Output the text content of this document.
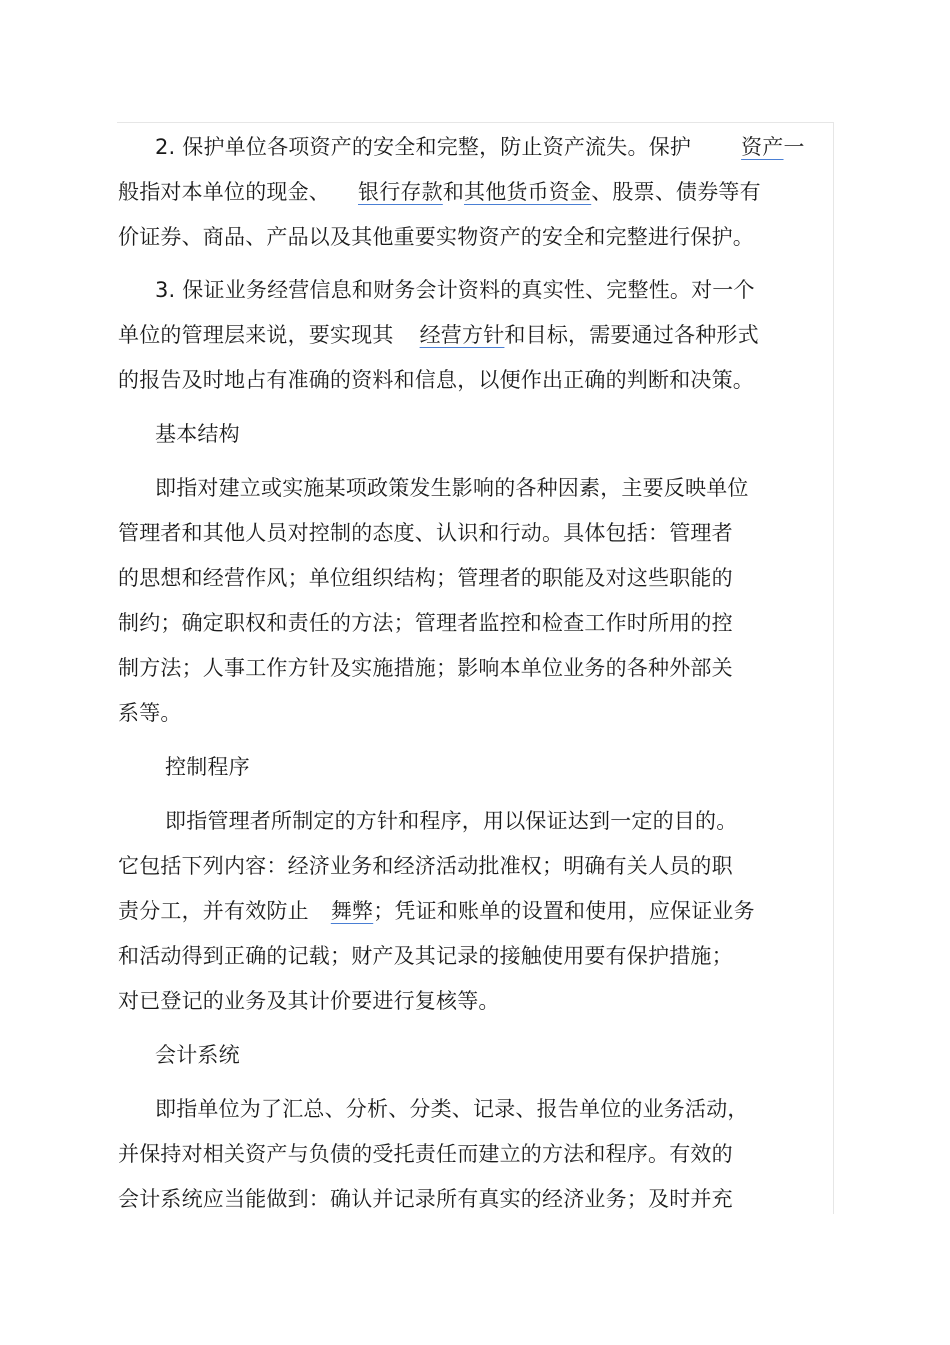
2. 保护单位各项资产的安全和完整，防止资产流失。保护 资产一
般指对本单位的现金、 银行存款和其他货币资金、股票、债券等有
价证券、商品、产品以及其他重要实物资产的安全和完整进行保护。
3. 保证业务经营信息和财务会计资料的真实性、完整性。对一个
单位的管理层来说，要实现其 经营方针和目标，需要通过各种形式
的报告及时地占有准确的资料和信息，以便作出正确的判断和决策。
基本结构
即指对建立或实施某项政策发生影响的各种因素，主要反映单位
管理者和其他人员对控制的态度、认识和行动。具体包括：管理者
的思想和经营作风；单位组织结构；管理者的职能及对这些职能的
制约；确定职权和责任的方法；管理者监控和检查工作时所用的控
制方法；人事工作方针及实施措施；影响本单位业务的各种外部关
系等。
控制程序
即指管理者所制定的方针和程序，用以保证达到一定的目的。
它包括下列内容：经济业务和经济活动批准权；明确有关人员的职
责分工，并有效防止 舞弊；凭证和账单的设置和使用，应保证业务
和活动得到正确的记载；财产及其记录的接触使用要有保护措施；
对已登记的业务及其计价要进行复核等。
会计系统
即指单位为了汇总、分析、分类、记录、报告单位的业务活动，
并保持对相关资产与负债的受托责任而建立的方法和程序。有效的
会计系统应当能做到：确认并记录所有真实的经济业务；及时并充
